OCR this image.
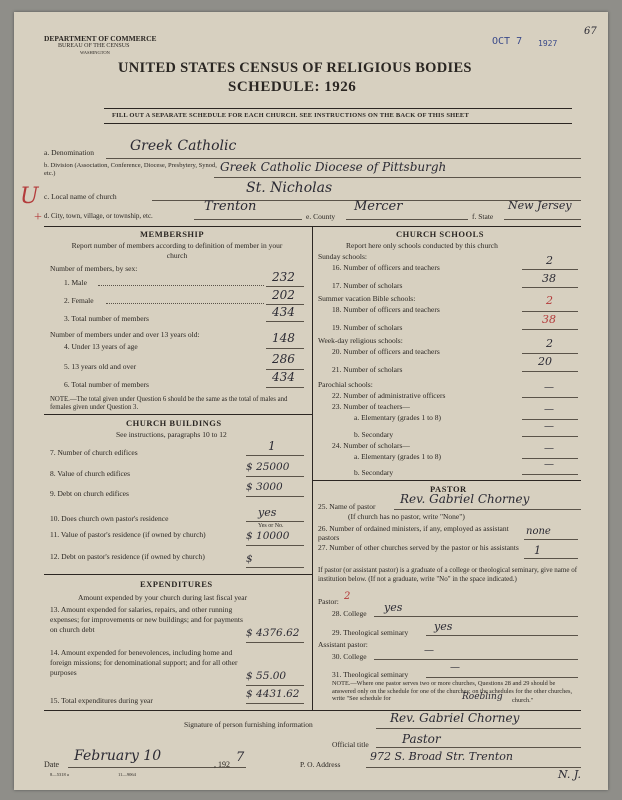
DEPARTMENT OF COMMERCE
BUREAU OF THE CENSUS
WASHINGTON
OCT 7 1927
67
UNITED STATES CENSUS OF RELIGIOUS BODIES
SCHEDULE: 1926
FILL OUT A SEPARATE SCHEDULE FOR EACH CHURCH. SEE INSTRUCTIONS ON THE BACK OF THIS SHEET
U
+
a. Denomination	Greek Catholic
b. Division (Association, Conference, Diocese, Presbytery, Synod, etc.)	Greek Catholic Diocese of Pittsburgh
c. Local name of church
St. Nicholas
d. City, town, village, or township, etc.
Trenton
e. County
Mercer
f. State
New Jersey
MEMBERSHIP
Report number of members according to definition of member in your church
Number of members, by sex:
1. Male	232
2. Female	202
3. Total number of members	434
Number of members under and over 13 years old:
4. Under 13 years of age
148
5. 13 years old and over
286
6. Total number of members
434
NOTE.—The total given under Question 6 should be the same as the total of males and females given under Question 3.
CHURCH BUILDINGS
See instructions, paragraphs 10 to 12
7. Number of church edifices	1
8. Value of church edifices
$ 25000
9. Debt on church edifices
$ 3000
10. Does church own pastor's residence	yes
Yes or No.
11. Value of pastor's residence (if owned by church)	$ 10000
12. Debt on pastor's residence (if owned by church)	$
EXPENDITURES
Amount expended by your church during last fiscal year
13. Amount expended for salaries, repairs, and other running expenses; for improvements or new buildings; and for payments on church debt	$ 4376.62
14. Amount expended for benevolences, including home and foreign missions; for denominational support; and for all other purposes	$ 55.00
15. Total expenditures during year
$ 4431.62
CHURCH SCHOOLS
Report here only schools conducted by this church
Sunday schools:
16. Number of officers and teachers
2
17. Number of scholars
38
Summer vacation Bible schools:
18. Number of officers and teachers
2
19. Number of scholars
38
Week-day religious schools:
20. Number of officers and teachers
2
21. Number of scholars
20
Parochial schools:
22. Number of administrative officers
—
23. Number of teachers—
a. Elementary (grades 1 to 8)
—
b. Secondary
—
24. Number of scholars—
a. Elementary (grades 1 to 8)
—
b. Secondary
—
PASTOR
25. Name of pastor
Rev. Gabriel Chorney
(If church has no pastor, write "None")
26. Number of ordained ministers, if any, employed as assistant pastors
none
27. Number of other churches served by the pastor or his assistants	1
If pastor (or assistant pastor) is a graduate of a college or theological seminary, give name of institution below. (If not a graduate, write "No" in the space indicated.)
Pastor: 2
28. College yes
29. Theological seminary yes
Assistant pastor:
30. College
—
31. Theological seminary
—
NOTE.—Where one pastor serves two or more churches, Questions 28 and 29 should be answered only on the schedule for one of the churches; on the schedules for the other churches, write "See schedule for	Roebling church."
Signature of person furnishing information	Rev. Gabriel Chorney
Official title	Pastor
Date
February 10
, 192 7	P. O. Address
972 S. Broad Str. Trenton
N. J.
8—5318 a	11—9064
